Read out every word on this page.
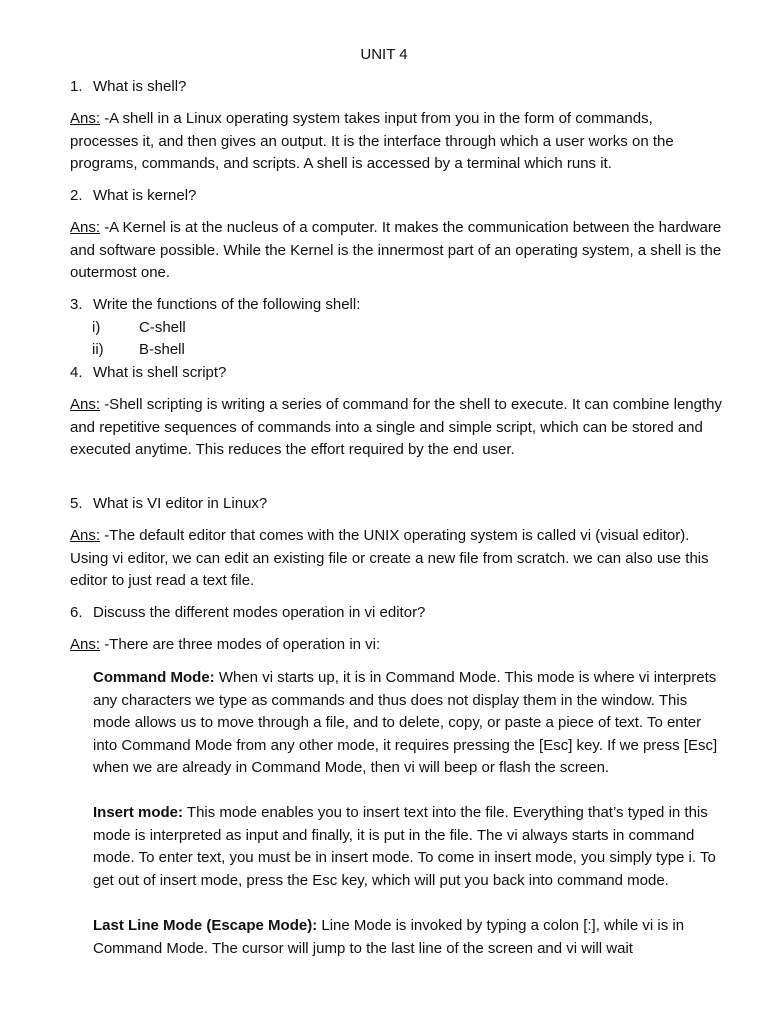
UNIT 4
1. What is shell?
Ans: -A shell in a Linux operating system takes input from you in the form of commands, processes it, and then gives an output. It is the interface through which a user works on the programs, commands, and scripts. A shell is accessed by a terminal which runs it.
2. What is kernel?
Ans: -A Kernel is at the nucleus of a computer. It makes the communication between the hardware and software possible. While the Kernel is the innermost part of an operating system, a shell is the outermost one.
3. Write the functions of the following shell:
i)	C-shell
ii) B-shell
4. What is shell script?
Ans: -Shell scripting is writing a series of command for the shell to execute. It can combine lengthy and repetitive sequences of commands into a single and simple script, which can be stored and executed anytime. This reduces the effort required by the end user.
5. What is VI editor in Linux?
Ans: -The default editor that comes with the UNIX operating system is called vi (visual editor). Using vi editor, we can edit an existing file or create a new file from scratch. we can also use this editor to just read a text file.
6. Discuss the different modes operation in vi editor?
Ans: -There are three modes of operation in vi:
Command Mode: When vi starts up, it is in Command Mode. This mode is where vi interprets any characters we type as commands and thus does not display them in the window. This mode allows us to move through a file, and to delete, copy, or paste a piece of text. To enter into Command Mode from any other mode, it requires pressing the [Esc] key. If we press [Esc] when we are already in Command Mode, then vi will beep or flash the screen.
Insert mode: This mode enables you to insert text into the file. Everything that’s typed in this mode is interpreted as input and finally, it is put in the file. The vi always starts in command mode. To enter text, you must be in insert mode. To come in insert mode, you simply type i. To get out of insert mode, press the Esc key, which will put you back into command mode.
Last Line Mode (Escape Mode): Line Mode is invoked by typing a colon [:], while vi is in Command Mode. The cursor will jump to the last line of the screen and vi will wait
